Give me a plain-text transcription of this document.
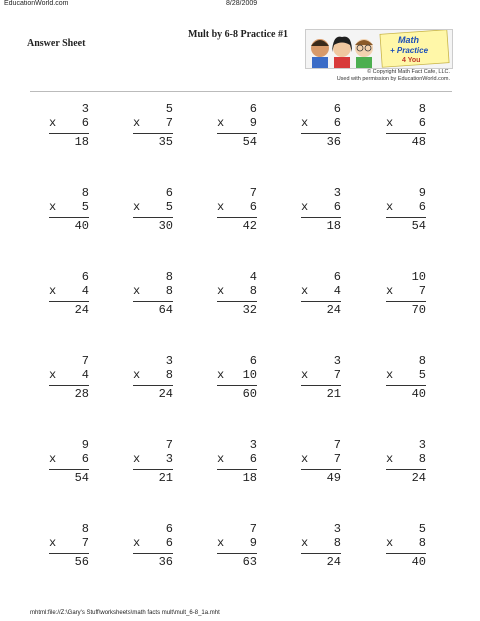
EducationWorld.com	8/28/2009
Answer Sheet
Mult by 6-8 Practice #1	Math
+ Practice
4 You
© Copyright Math Fact Cafe, LLC.
Used with permission by EducationWorld.com.
3
x 6
18
5
x 7
35
6
x 9
54
6
x 6
36
8
x 6
48
8
x 5
40
6
x 5
30
7
x 6
42
3
x 6
18
9
x 6
54
6
x 4
24
8
x 8
64
4
x 8
32
6
x 4
24
10
x 7
70
7
x 4
28
3
x 8
24
6
x 10
60
3
x 7
21
8
x 5
40
9
x 6
54
7
x 3
21
3
x 6
18
7
x 7
49
3
x 8
24
8
x 7
56
6
x 6
36
7
x 9
63
3
x 8
24
5
x 8
40
mhtml:file://Z:\Gary's Stuff\worksheets\math facts mult\mult_6-8_1a.mht
